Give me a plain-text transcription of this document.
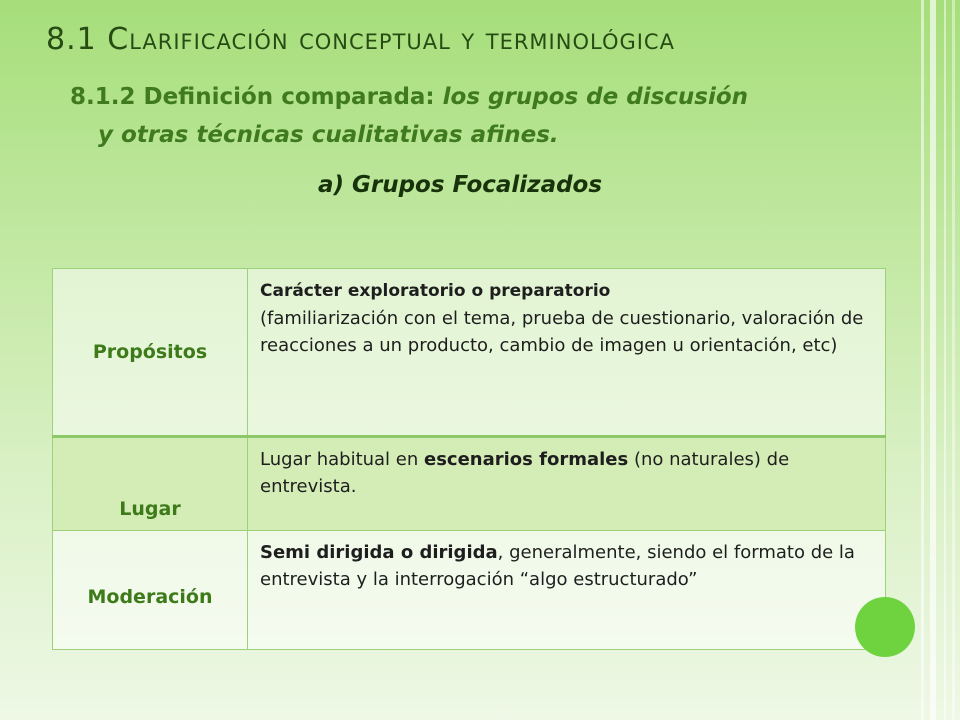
8.1 Clarificación conceptual y terminológica
8.1.2 Definición comparada: los grupos de discusión
y otras técnicas cualitativas afines.
a) Grupos Focalizados
Propósitos	Carácter exploratorio o preparatorio
(familiarización con el tema, prueba de cuestionario, valoración de reacciones a un producto, cambio de imagen u orientación, etc)
Lugar	Lugar habitual en escenarios formales (no naturales) de entrevista.
Moderación	Semi dirigida o dirigida, generalmente, siendo el formato de la entrevista y la interrogación “algo estructurado”
